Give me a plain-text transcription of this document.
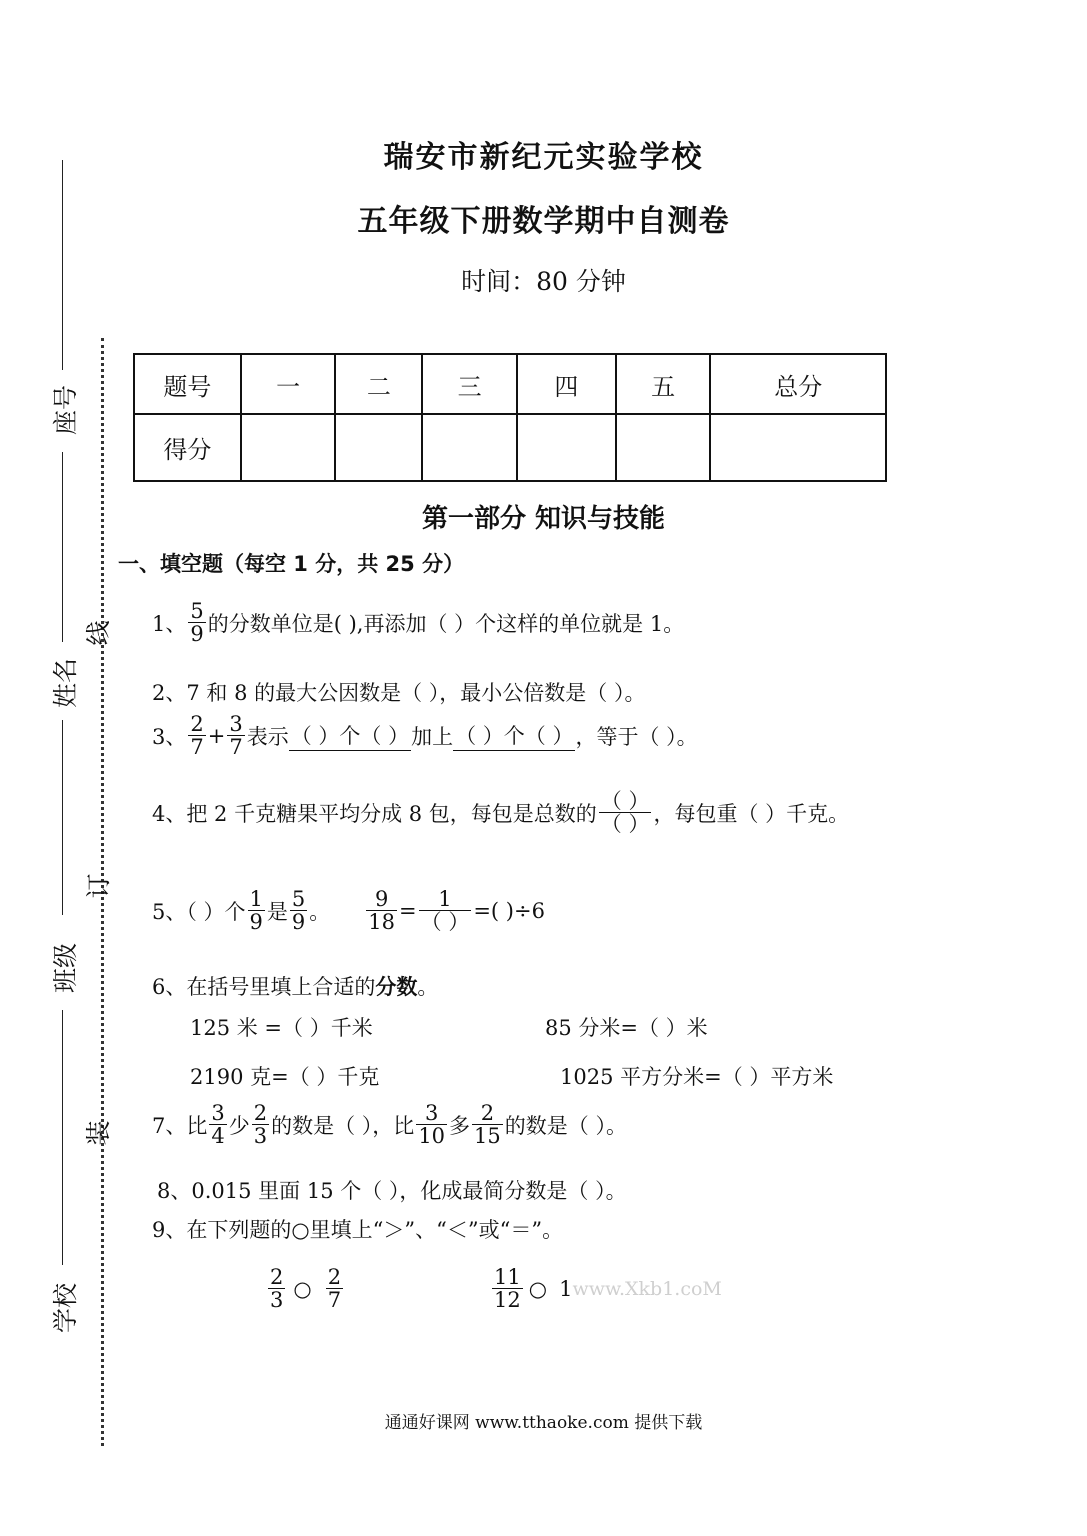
瑞安市新纪元实验学校
五年级下册数学期中自测卷
时间：80 分钟
座号
姓名
班级
学校
线
订
装
题号	一	二	三	四	五	总分
得分						
第一部分 知识与技能
一、填空题（每空 1 分，共 25 分）
1、 $\frac{5}{9}$ 的分数单位是( ),再添加（ ）个这样的单位就是 1。
2、7 和 8 的最大公因数是（ ），最小公倍数是（ ）。
3、 $\frac{2}{7} + \frac{3}{7}$ 表示 （ ）个（ ） 加上 （ ）个（ ） ，等于（ ）。
4、把 2 千克糖果平均分成 8 包，每包是总数的 $\frac{( )}{( )}$ ，每包重（ ）千克。
5、（ ）个 $\frac{1}{9}$ 是 $\frac{5}{9}$ 。 $\frac{9}{18} = \frac{1}{( )}$ =( )÷6
6、在括号里填上合适的 分数 。
125 米 =（ ）千米	85 分米=（ ）米
2190 克=（ ）千克	1025 平方分米=（ ）平方米
7、比 $\frac{3}{4}$ 少 $\frac{2}{3}$ 的数是（ ），比 $\frac{3}{10}$ 多 $\frac{2}{15}$ 的数是（ ）。
8、0.015 里面 15 个（ ），化成最简分数是（ ）。
9、在下列题的○里填上“＞”、“＜”或“＝”。
$\frac{2}{3}$ ○ $\frac{2}{7}$	$\frac{11}{12}$ ○ 1 www.Xkb1.coM
通通好课网 www.tthaoke.com 提供下载
